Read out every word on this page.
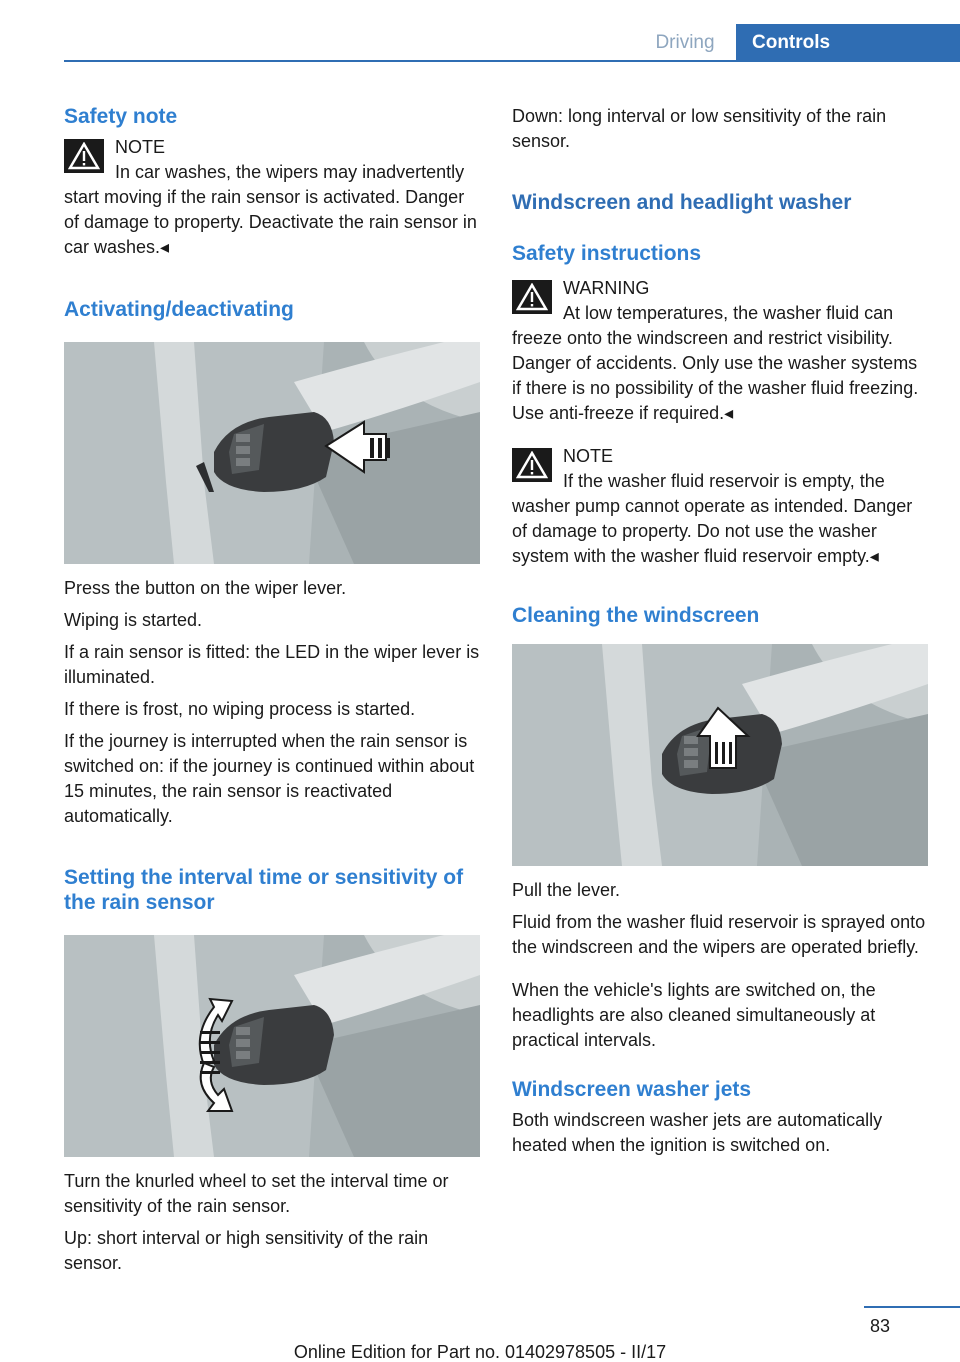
Driving	Controls
Safety note
NOTE

In car washes, the wipers may inadvertently start moving if the rain sensor is activated. Danger of damage to property. Deactivate the rain sensor in car washes.◂

Activating/deactivating

Press the button on the wiper lever.

Wiping is started.

If a rain sensor is fitted: the LED in the wiper lever is illuminated.

If there is frost, no wiping process is started.

If the journey is interrupted when the rain sensor is switched on: if the journey is continued within about 15 minutes, the rain sensor is reactivated automatically.

Setting the interval time or sensitivity of the rain sensor

Turn the knurled wheel to set the interval time or sensitivity of the rain sensor.

Up: short interval or high sensitivity of the rain sensor.

Down: long interval or low sensitivity of the rain sensor.

Windscreen and headlight washer
Safety instructions
WARNING

At low temperatures, the washer fluid can freeze onto the windscreen and restrict visibility. Danger of accidents. Only use the washer systems if there is no possibility of the washer fluid freezing. Use anti-freeze if required.◂

NOTE

If the washer fluid reservoir is empty, the washer pump cannot operate as intended. Danger of damage to property. Do not use the washer system with the washer fluid reservoir empty.◂

Cleaning the windscreen

Pull the lever.

Fluid from the washer fluid reservoir is sprayed onto the windscreen and the wipers are operated briefly.

When the vehicle's lights are switched on, the headlights are also cleaned simultaneously at practical intervals.

Windscreen washer jets

Both windscreen washer jets are automatically heated when the ignition is switched on.

83
Online Edition for Part no. 01402978505 - II/17
